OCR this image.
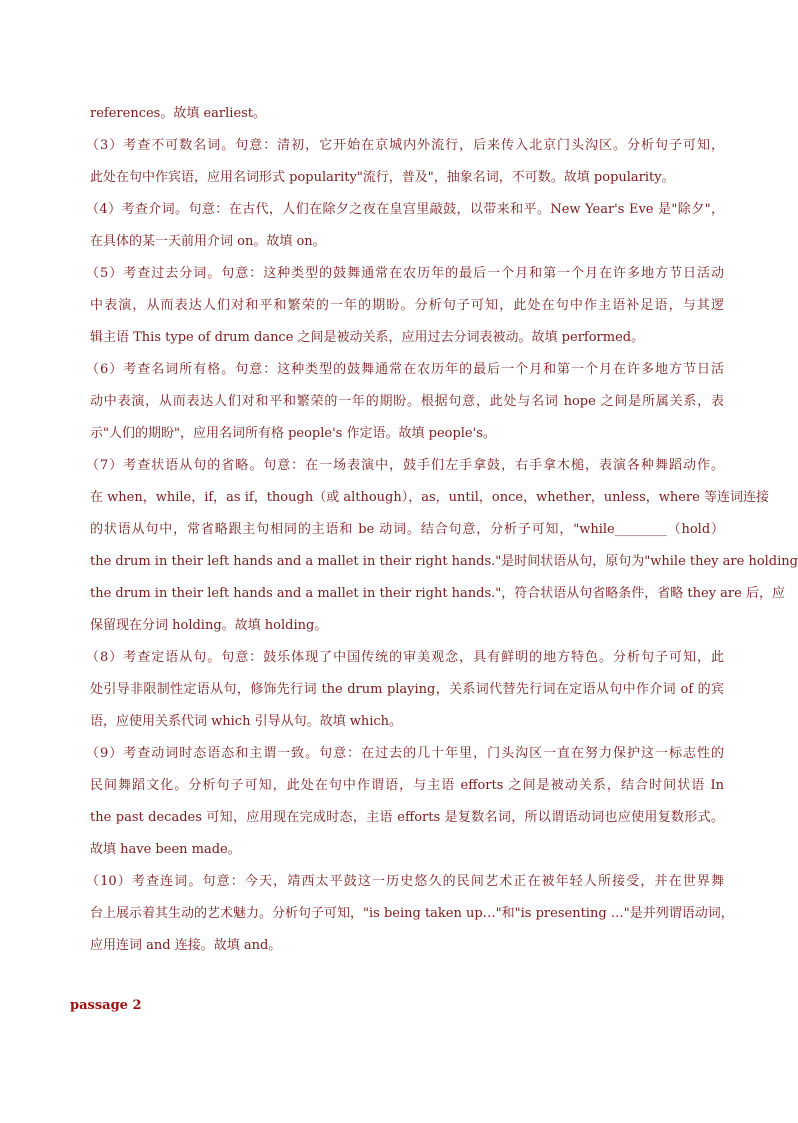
references。故填 earliest。
（3）考查不可数名词。句意：清初，它开始在京城内外流行，后来传入北京门头沟区。分析句子可知，
此处在句中作宾语，应用名词形式 popularity"流行，普及"，抽象名词，不可数。故填 popularity。
（4）考查介词。句意：在古代，人们在除夕之夜在皇宫里敲鼓，以带来和平。New Year's Eve 是"除夕"，
在具体的某一天前用介词 on。故填 on。
（5）考查过去分词。句意：这种类型的鼓舞通常在农历年的最后一个月和第一个月在许多地方节日活动
中表演，从而表达人们对和平和繁荣的一年的期盼。分析句子可知，此处在句中作主语补足语，与其逻
辑主语 This type of drum dance 之间是被动关系，应用过去分词表被动。故填 performed。
（6）考查名词所有格。句意：这种类型的鼓舞通常在农历年的最后一个月和第一个月在许多地方节日活
动中表演，从而表达人们对和平和繁荣的一年的期盼。根据句意，此处与名词 hope 之间是所属关系，表
示"人们的期盼"，应用名词所有格 people's 作定语。故填 people's。
（7）考查状语从句的省略。句意：在一场表演中，鼓手们左手拿鼓，右手拿木槌，表演各种舞蹈动作。
在 when，while，if，as if，though（或 although），as，until，once，whether，unless，where 等连词连接
的状语从句中，常省略跟主句相同的主语和 be 动词。结合句意，分析子可知，"while________（hold）
the drum in their left hands and a mallet in their right hands."是时间状语从句，原句为"while they are holding
the drum in their left hands and a mallet in their right hands."，符合状语从句省略条件，省略 they are 后，应
保留现在分词 holding。故填 holding。
（8）考查定语从句。句意：鼓乐体现了中国传统的审美观念，具有鲜明的地方特色。分析句子可知，此
处引导非限制性定语从句，修饰先行词 the drum playing，关系词代替先行词在定语从句中作介词 of 的宾
语，应使用关系代词 which 引导从句。故填 which。
（9）考查动词时态语态和主谓一致。句意：在过去的几十年里，门头沟区一直在努力保护这一标志性的
民间舞蹈文化。分析句子可知，此处在句中作谓语，与主语 efforts 之间是被动关系，结合时间状语 In
the past decades 可知，应用现在完成时态，主语 efforts 是复数名词，所以谓语动词也应使用复数形式。
故填 have been made。
（10）考查连词。句意：今天，靖西太平鼓这一历史悠久的民间艺术正在被年轻人所接受，并在世界舞
台上展示着其生动的艺术魅力。分析句子可知，"is being taken up…"和"is presenting …"是并列谓语动词，
应用连词 and 连接。故填 and。
passage 2
